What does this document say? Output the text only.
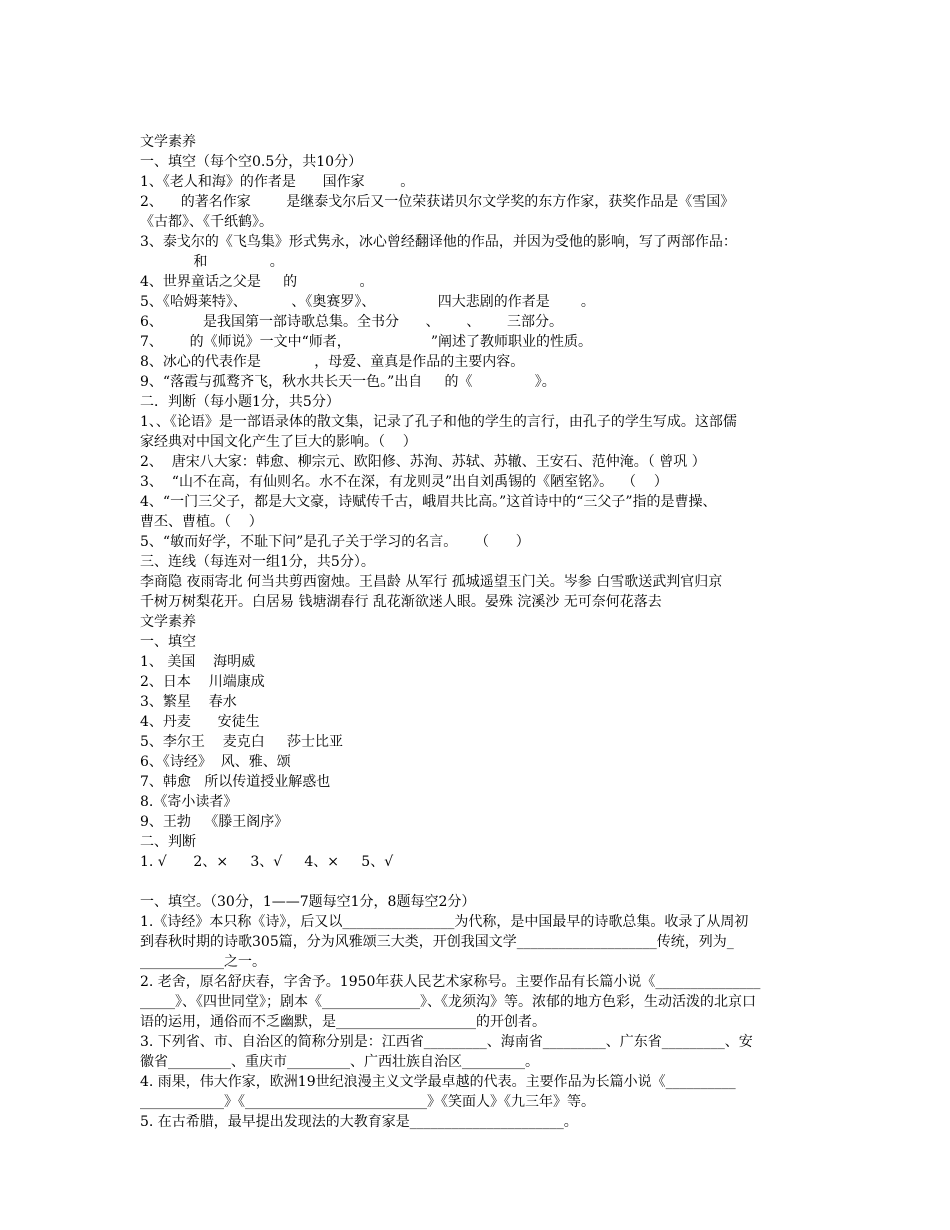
文学素养
一、填空（每个空0.5分，共10分）
1、《老人和海》的作者是      国作家        。
2、    的著名作家        是继泰戈尔后又一位荣获诺贝尔文学奖的东方作家，获奖作品是《雪国》
《古都》、《千纸鹤》。
3、泰戈尔的《飞鸟集》形式隽永，冰心曾经翻译他的作品，并因为受他的影响，写了两部作品：
和              。
4、世界童话之父是     的              。
5、《哈姆莱特》、          、《奥赛罗》、              四大悲剧的作者是       。
6、         是我国第一部诗歌总集。全书分      、      、      三部分。
7、      的《师说》一文中“师者，                  ”阐述了教师职业的性质。
8、冰心的代表作是            ，母爱、童真是作品的主要内容。
9、“落霞与孤鹜齐飞，秋水共长天一色。”出自     的《              》。
二．判断（每小题1分，共5分）
1、、《论语》是一部语录体的散文集，记录了孔子和他的学生的言行，由孔子的学生写成。这部儒
家经典对中国文化产生了巨大的影响。（    ）
2、  唐宋八大家：韩愈、柳宗元、欧阳修、苏洵、苏轼、苏辙、王安石、范仲淹。（ 曾巩 ）
3、  “山不在高，有仙则名。水不在深，有龙则灵”出自刘禹锡的《陋室铭》。  （    ）
4、“一门三父子，都是大文豪，诗赋传千古，峨眉共比高。”这首诗中的“三父子”指的是曹操、
曹丕、曹植。（    ）
5、“敏而好学，不耻下问”是孔子关于学习的名言。    （      ）
三、连线（每连对一组1分，共5分）。
李商隐 夜雨寄北 何当共剪西窗烛。王昌龄 从军行 孤城遥望玉门关。岑参 白雪歌送武判官归京
千树万树梨花开。白居易 钱塘湖春行 乱花渐欲迷人眼。晏殊 浣溪沙 无可奈何花落去
文学素养
一、填空
1、 美国    海明威
2、日本    川端康成
3、繁星    春水
4、丹麦      安徒生
5、李尔王    麦克白     莎士比亚
6、《诗经》  风、雅、颂
7、韩愈   所以传道授业解惑也
8.《寄小读者》
9、王勃   《滕王阁序》
二、判断
1. √      2、×     3、√     4、×     5、√
一、填空。（30分，1——7题每空1分，8题每空2分）
1.《诗经》本只称《诗》，后又以________________为代称，是中国最早的诗歌总集。收录了从周初
到春秋时期的诗歌305篇，分为风雅颂三大类，开创我国文学____________________传统，列为_
____________之一。
2. 老舍，原名舒庆春，字舍予。1950年获人民艺术家称号。主要作品有长篇小说《_______________
_____》、《四世同堂》；剧本《______________》、《龙须沟》等。浓郁的地方色彩，生动活泼的北京口
语的运用，通俗而不乏幽默，是____________________的开创者。
3. 下列省、市、自治区的简称分别是：江西省_________、海南省_________、广东省_________、安
徽省_________、重庆市_________、广西壮族自治区_________。
4. 雨果，伟大作家，欧洲19世纪浪漫主义文学最卓越的代表。主要作品为长篇小说《__________
____________》《__________________________》《笑面人》《九三年》等。
5. 在古希腊，最早提出发现法的大教育家是______________________。
